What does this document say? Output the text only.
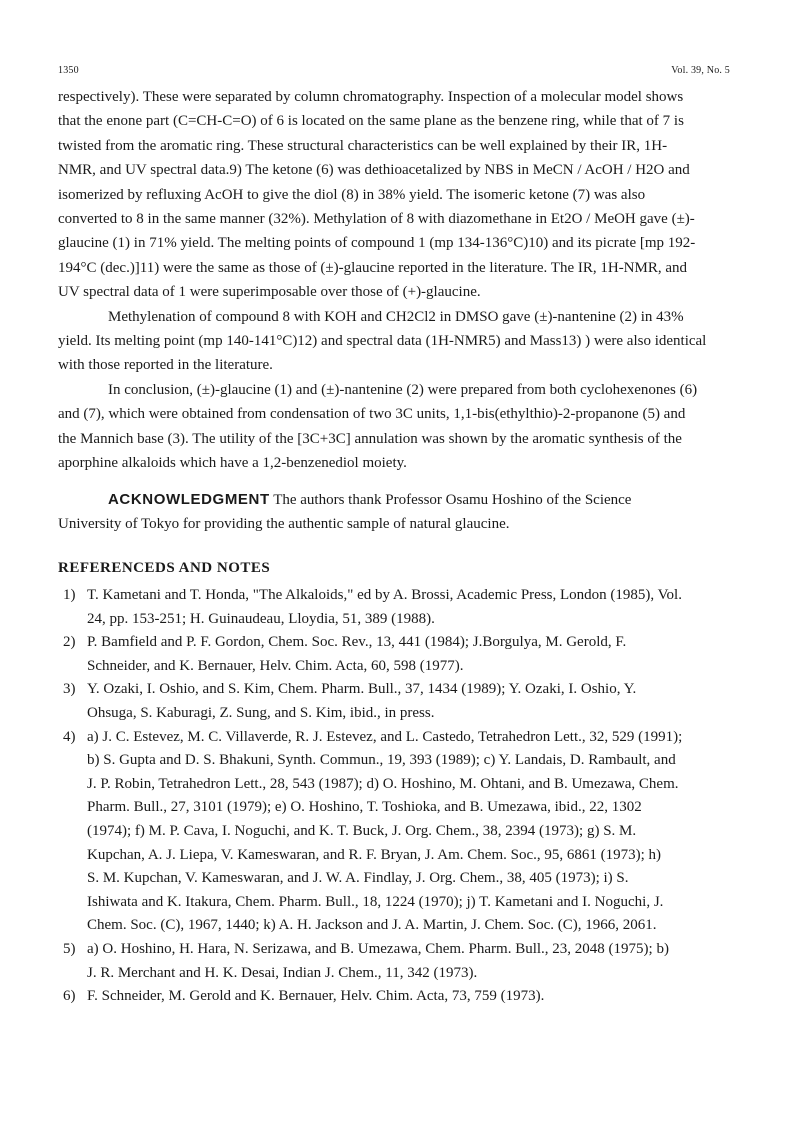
1350	Vol. 39, No. 5
respectively). These were separated by column chromatography. Inspection of a molecular model shows
that the enone part (C=CH-C=O) of 6 is located on the same plane as the benzene ring, while that of 7 is
twisted from the aromatic ring. These structural characteristics can be well explained by their IR, 1H-
NMR, and UV spectral data.9) The ketone (6) was dethioacetalized by NBS in MeCN / AcOH / H2O and
isomerized by refluxing AcOH to give the diol (8) in 38% yield. The isomeric ketone (7) was also
converted to 8 in the same manner (32%). Methylation of 8 with diazomethane in Et2O / MeOH gave (±)-
glaucine (1) in 71% yield. The melting points of compound 1 (mp 134-136°C)10) and its picrate [mp 192-
194°C (dec.)]11) were the same as those of (±)-glaucine reported in the literature. The IR, 1H-NMR, and
UV spectral data of 1 were superimposable over those of (+)-glaucine.
Methylenation of compound 8 with KOH and CH2Cl2 in DMSO gave (±)-nantenine (2) in 43%
yield. Its melting point (mp 140-141°C)12) and spectral data (1H-NMR5) and Mass13) ) were also identical
with those reported in the literature.
In conclusion, (±)-glaucine (1) and (±)-nantenine (2) were prepared from both cyclohexenones (6)
and (7), which were obtained from condensation of two 3C units, 1,1-bis(ethylthio)-2-propanone (5) and
the Mannich base (3). The utility of the [3C+3C] annulation was shown by the aromatic synthesis of the
aporphine alkaloids which have a 1,2-benzenediol moiety.
ACKNOWLEDGMENT The authors thank Professor Osamu Hoshino of the Science
University of Tokyo for providing the authentic sample of natural glaucine.
REFERENCEDS AND NOTES
1) T. Kametani and T. Honda, "The Alkaloids," ed by A. Brossi, Academic Press, London (1985), Vol.
24, pp. 153-251; H. Guinaudeau, Lloydia, 51, 389 (1988).
2) P. Bamfield and P. F. Gordon, Chem. Soc. Rev., 13, 441 (1984); J.Borgulya, M. Gerold, F.
Schneider, and K. Bernauer, Helv. Chim. Acta, 60, 598 (1977).
3) Y. Ozaki, I. Oshio, and S. Kim, Chem. Pharm. Bull., 37, 1434 (1989); Y. Ozaki, I. Oshio, Y.
Ohsuga, S. Kaburagi, Z. Sung, and S. Kim, ibid., in press.
4) a) J. C. Estevez, M. C. Villaverde, R. J. Estevez, and L. Castedo, Tetrahedron Lett., 32, 529 (1991);
b) S. Gupta and D. S. Bhakuni, Synth. Commun., 19, 393 (1989); c) Y. Landais, D. Rambault, and
J. P. Robin, Tetrahedron Lett., 28, 543 (1987); d) O. Hoshino, M. Ohtani, and B. Umezawa, Chem.
Pharm. Bull., 27, 3101 (1979); e) O. Hoshino, T. Toshioka, and B. Umezawa, ibid., 22, 1302
(1974); f) M. P. Cava, I. Noguchi, and K. T. Buck, J. Org. Chem., 38, 2394 (1973); g) S. M.
Kupchan, A. J. Liepa, V. Kameswaran, and R. F. Bryan, J. Am. Chem. Soc., 95, 6861 (1973); h)
S. M. Kupchan, V. Kameswaran, and J. W. A. Findlay, J. Org. Chem., 38, 405 (1973); i) S.
Ishiwata and K. Itakura, Chem. Pharm. Bull., 18, 1224 (1970); j) T. Kametani and I. Noguchi, J.
Chem. Soc. (C), 1967, 1440; k) A. H. Jackson and J. A. Martin, J. Chem. Soc. (C), 1966, 2061.
5) a) O. Hoshino, H. Hara, N. Serizawa, and B. Umezawa, Chem. Pharm. Bull., 23, 2048 (1975); b)
J. R. Merchant and H. K. Desai, Indian J. Chem., 11, 342 (1973).
6) F. Schneider, M. Gerold and K. Bernauer, Helv. Chim. Acta, 73, 759 (1973).
